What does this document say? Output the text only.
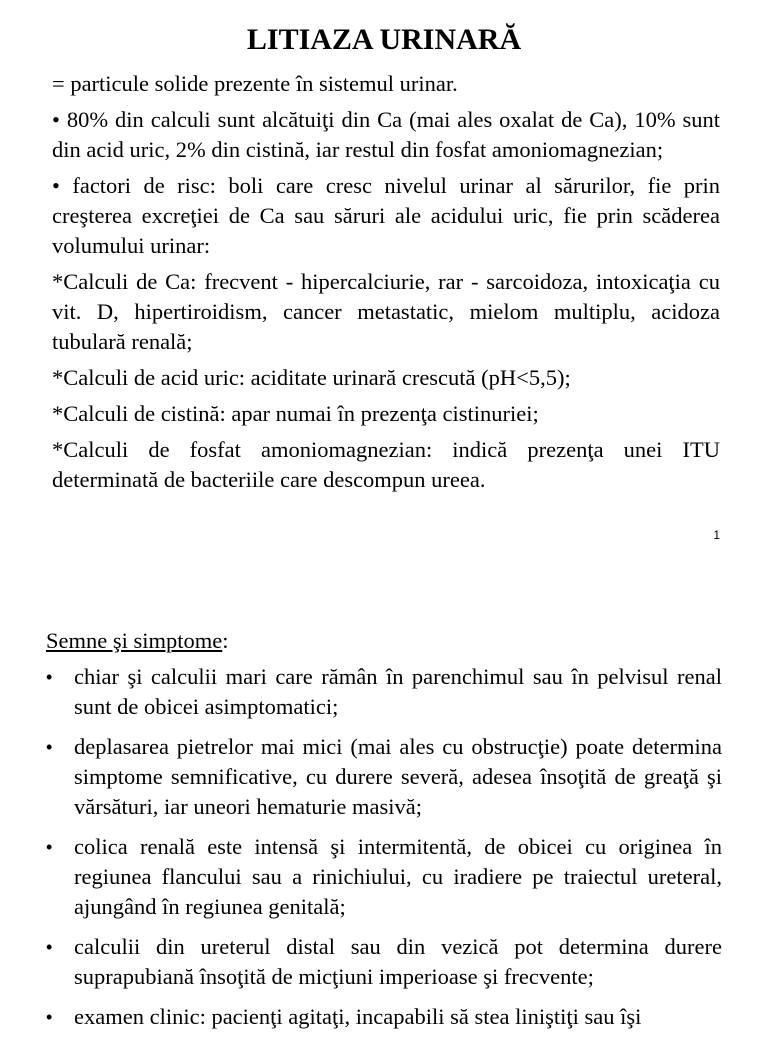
LITIAZA URINARĂ

= particule solide prezente în sistemul urinar.

• 80% din calculi sunt alcătuiţi din Ca (mai ales oxalat de Ca), 10% sunt din acid uric, 2% din cistină, iar restul din fosfat amoniomagnezian;

• factori de risc: boli care cresc nivelul urinar al sărurilor, fie prin creşterea excreţiei de Ca sau săruri ale acidului uric, fie prin scăderea volumului urinar:

*Calculi de Ca: frecvent - hipercalciurie, rar - sarcoidoza, intoxicaţia cu vit. D, hipertiroidism, cancer metastatic, mielom multiplu, acidoza tubulară renală;

*Calculi de acid uric: aciditate urinară crescută (pH<5,5);

*Calculi de cistină: apar numai în prezenţa cistinuriei;

*Calculi de fosfat amoniomagnezian: indică prezenţa unei ITU determinată de bacteriile care descompun ureea.

1
Semne şi simptome:
• chiar şi calculii mari care rămân în parenchimul sau în pelvisul renal sunt de obicei asimptomatici;
• deplasarea pietrelor mai mici (mai ales cu obstrucţie) poate determina simptome semnificative, cu durere severă, adesea însoţită de greaţă şi vărsături, iar uneori hematurie masivă;
• colica renală este intensă şi intermitentă, de obicei cu originea în regiunea flancului sau a rinichiului, cu iradiere pe traiectul ureteral, ajungând în regiunea genitală;
• calculii din ureterul distal sau din vezică pot determina durere suprapubiană însoţită de micţiuni imperioase şi frecvente;
• examen clinic: pacienţi agitaţi, incapabili să stea liniştiţi sau îşi
